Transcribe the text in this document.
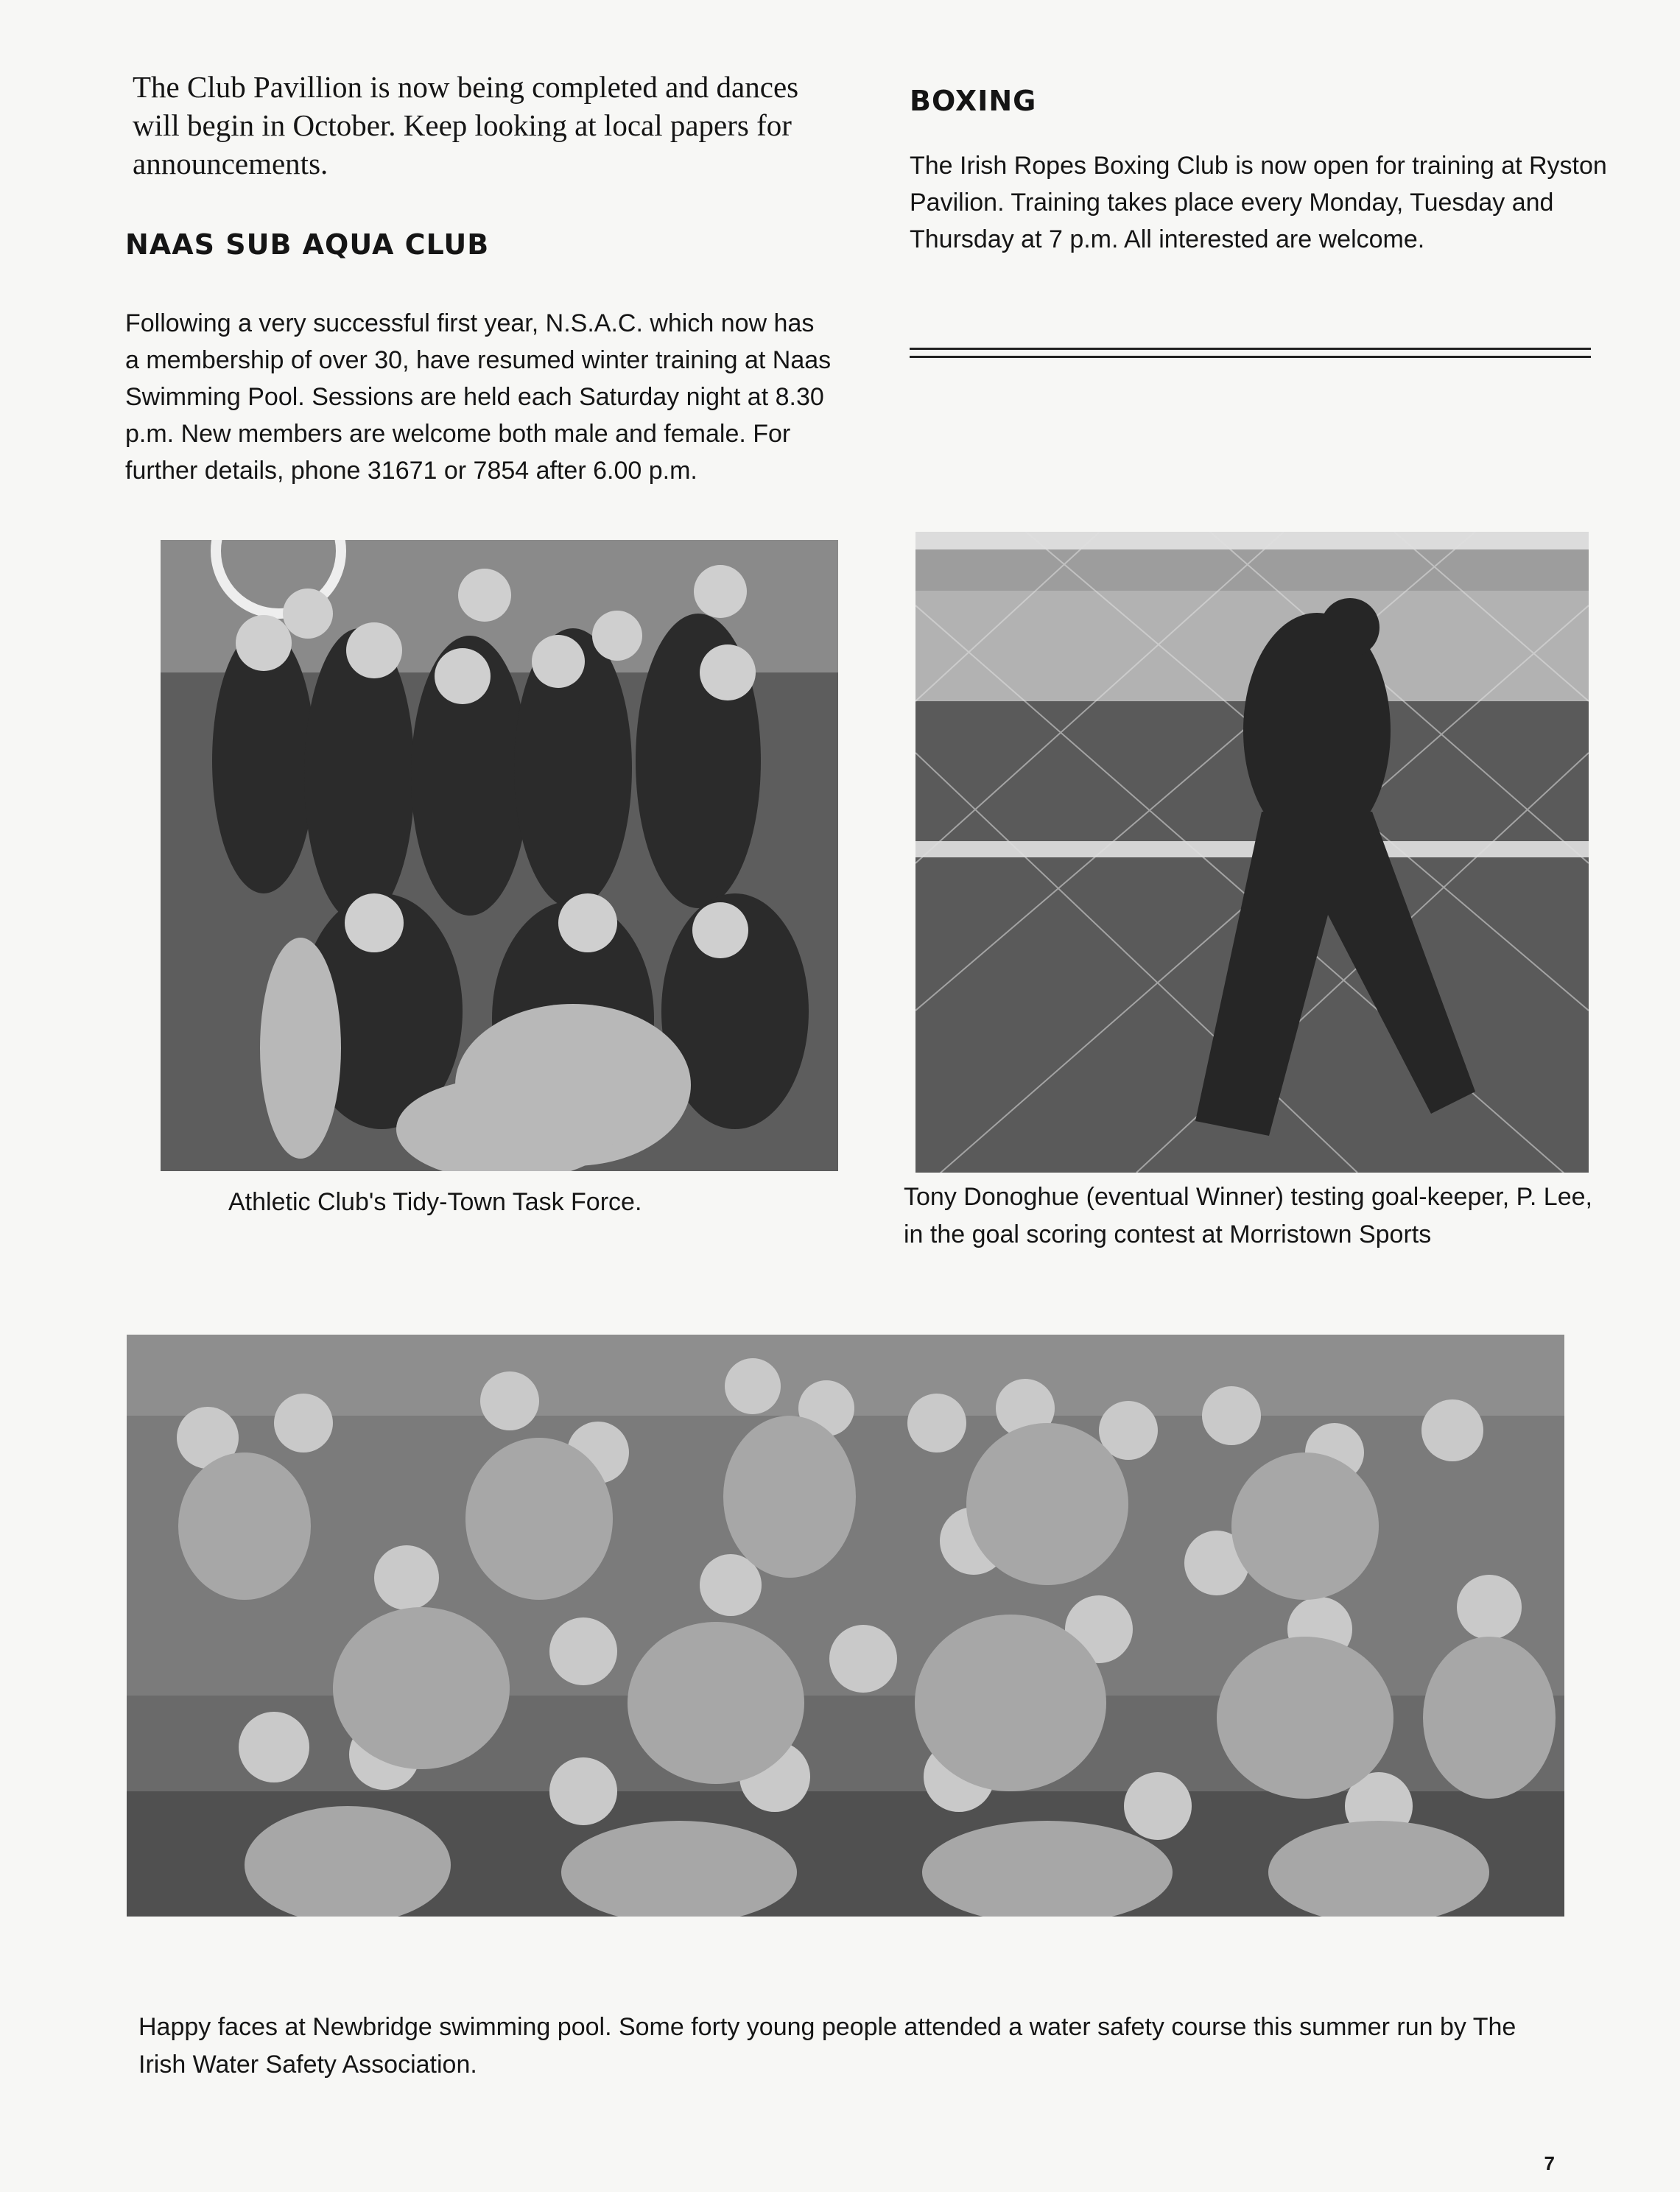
The Club Pavillion is now being completed and dances will begin in October. Keep looking at local papers for announcements.

NAAS SUB AQUA CLUB

Following a very successful first year, N.S.A.C. which now has a membership of over 30, have resumed winter training at Naas Swimming Pool. Sessions are held each Saturday night at 8.30 p.m. New members are welcome both male and female. For further details, phone 31671 or 7854 after 6.00 p.m.

BOXING

The Irish Ropes Boxing Club is now open for training at Ryston Pavilion. Training takes place every Monday, Tuesday and Thursday at 7 p.m. All interested are welcome.

Athletic Club's Tidy-Town Task Force.	Tony Donoghue (eventual Winner) testing goal-keeper, P. Lee, in the goal scoring contest at Morristown Sports

Happy faces at Newbridge swimming pool. Some forty young people attended a water safety course this summer run by The Irish Water Safety Association.

7
